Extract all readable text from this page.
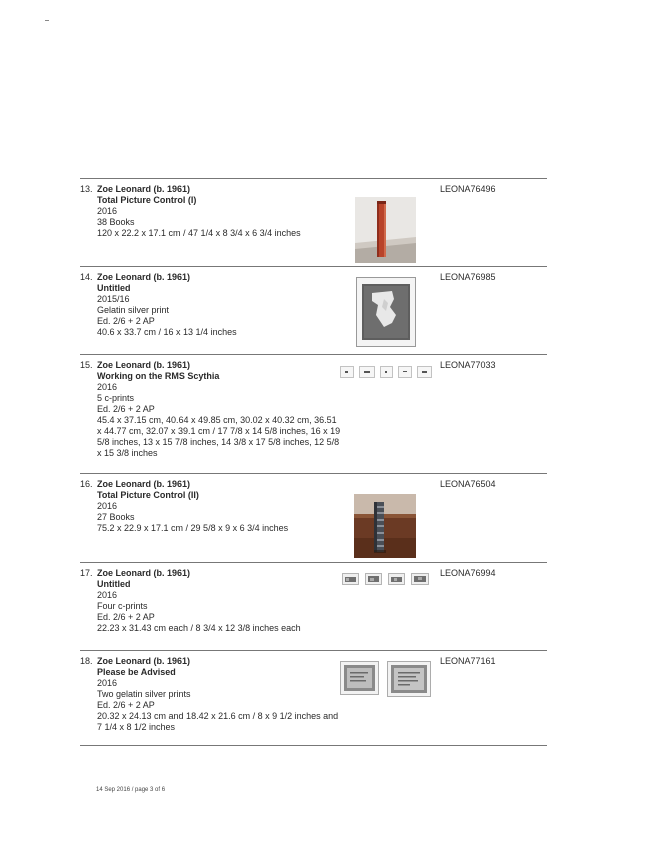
13. Zoe Leonard (b. 1961)
Total Picture Control (I)
2016
38 Books
120 x 22.2 x 17.1 cm / 47 1/4 x 8 3/4 x 6 3/4 inches
LEONA76496
14. Zoe Leonard (b. 1961)
Untitled
2015/16
Gelatin silver print
Ed. 2/6 + 2 AP
40.6 x 33.7 cm / 16 x 13 1/4 inches
LEONA76985
15. Zoe Leonard (b. 1961)
Working on the RMS Scythia
2016
5 c-prints
Ed. 2/6 + 2 AP
45.4 x 37.15 cm, 40.64 x 49.85 cm, 30.02 x 40.32 cm, 36.51 x 44.77 cm, 32.07 x 39.1 cm / 17 7/8 x 14 5/8 inches, 16 x 19 5/8 inches, 13 x 15 7/8 inches, 14 3/8 x 17 5/8 inches, 12 5/8 x 15 3/8 inches
LEONA77033
16. Zoe Leonard (b. 1961)
Total Picture Control (II)
2016
27 Books
75.2 x 22.9 x 17.1 cm / 29 5/8 x 9 x 6 3/4 inches
LEONA76504
17. Zoe Leonard (b. 1961)
Untitled
2016
Four c-prints
Ed. 2/6 + 2 AP
22.23 x 31.43 cm each / 8 3/4 x 12 3/8 inches each
LEONA76994
18. Zoe Leonard (b. 1961)
Please be Advised
2016
Two gelatin silver prints
Ed. 2/6 + 2 AP
20.32 x 24.13 cm and 18.42 x 21.6 cm / 8 x 9 1/2 inches and 7 1/4 x 8 1/2 inches
LEONA77161
14 Sep 2016 / page 3 of 6
